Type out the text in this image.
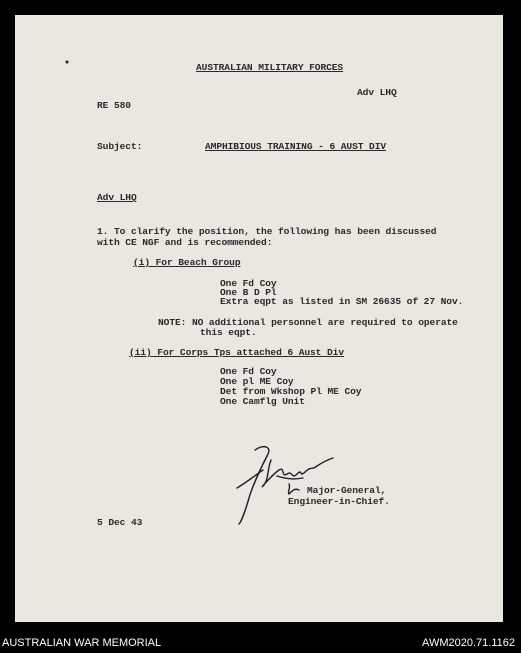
AUSTRALIAN MILITARY FORCES
Adv LHQ
RE 580
Subject:	AMPHIBIOUS TRAINING - 6 AUST DIV
Adv LHQ
1. To clarify the position, the following has been discussed
with CE NGF and is recommended:
(i) For Beach Group
One Fd Coy
One B D Pl
Extra eqpt as listed in SM 26635 of 27 Nov.
NOTE: NO additional personnel are required to operate
this eqpt.
(ii) For Corps Tps attached 6 Aust Div
One Fd Coy
One pl ME Coy
Det from Wkshop Pl ME Coy
One Camflg Unit
Major-General,
Engineer-in-Chief.
5 Dec 43
AUSTRALIAN WAR MEMORIAL	AWM2020.71.1162
